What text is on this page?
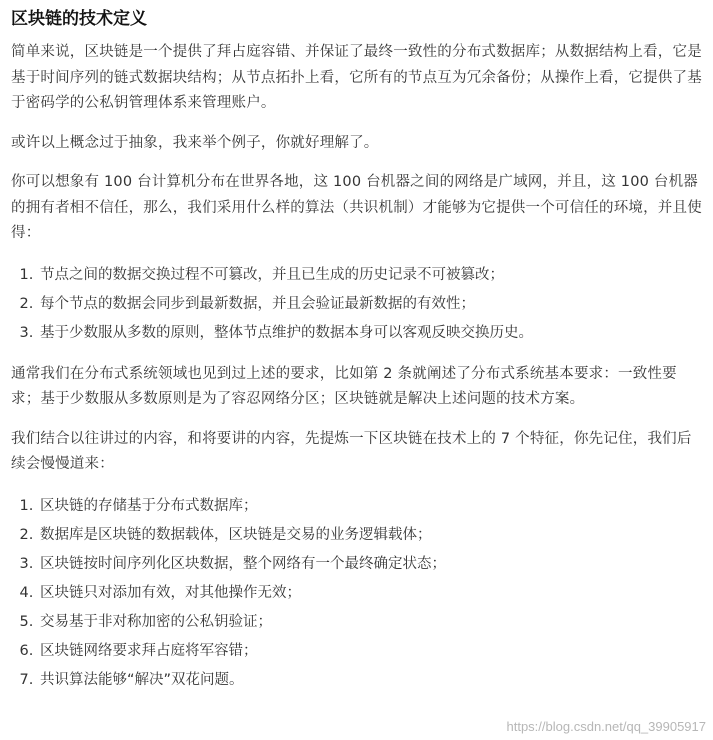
区块链的技术定义

简单来说，区块链是一个提供了拜占庭容错、并保证了最终一致性的分布式数据库；从数据结构上看，它是基于时间序列的链式数据块结构；从节点拓扑上看，它所有的节点互为冗余备份；从操作上看，它提供了基于密码学的公私钥管理体系来管理账户。

或许以上概念过于抽象，我来举个例子，你就好理解了。

你可以想象有 100 台计算机分布在世界各地，这 100 台机器之间的网络是广域网，并且，这 100 台机器的拥有者相不信任，那么，我们采用什么样的算法（共识机制）才能够为它提供一个可信任的环境，并且使得：

1. 节点之间的数据交换过程不可篡改，并且已生成的历史记录不可被篡改；
2. 每个节点的数据会同步到最新数据，并且会验证最新数据的有效性；
3. 基于少数服从多数的原则，整体节点维护的数据本身可以客观反映交换历史。

通常我们在分布式系统领域也见到过上述的要求，比如第 2 条就阐述了分布式系统基本要求：一致性要求；基于少数服从多数原则是为了容忍网络分区；区块链就是解决上述问题的技术方案。

我们结合以往讲过的内容，和将要讲的内容，先提炼一下区块链在技术上的 7 个特征，你先记住，我们后续会慢慢道来：

1. 区块链的存储基于分布式数据库；
2. 数据库是区块链的数据载体，区块链是交易的业务逻辑载体；
3. 区块链按时间序列化区块数据，整个网络有一个最终确定状态；
4. 区块链只对添加有效，对其他操作无效；
5. 交易基于非对称加密的公私钥验证；
6. 区块链网络要求拜占庭将军容错；
7. 共识算法能够“解决”双花问题。
https://blog.csdn.net/qq_39905917
